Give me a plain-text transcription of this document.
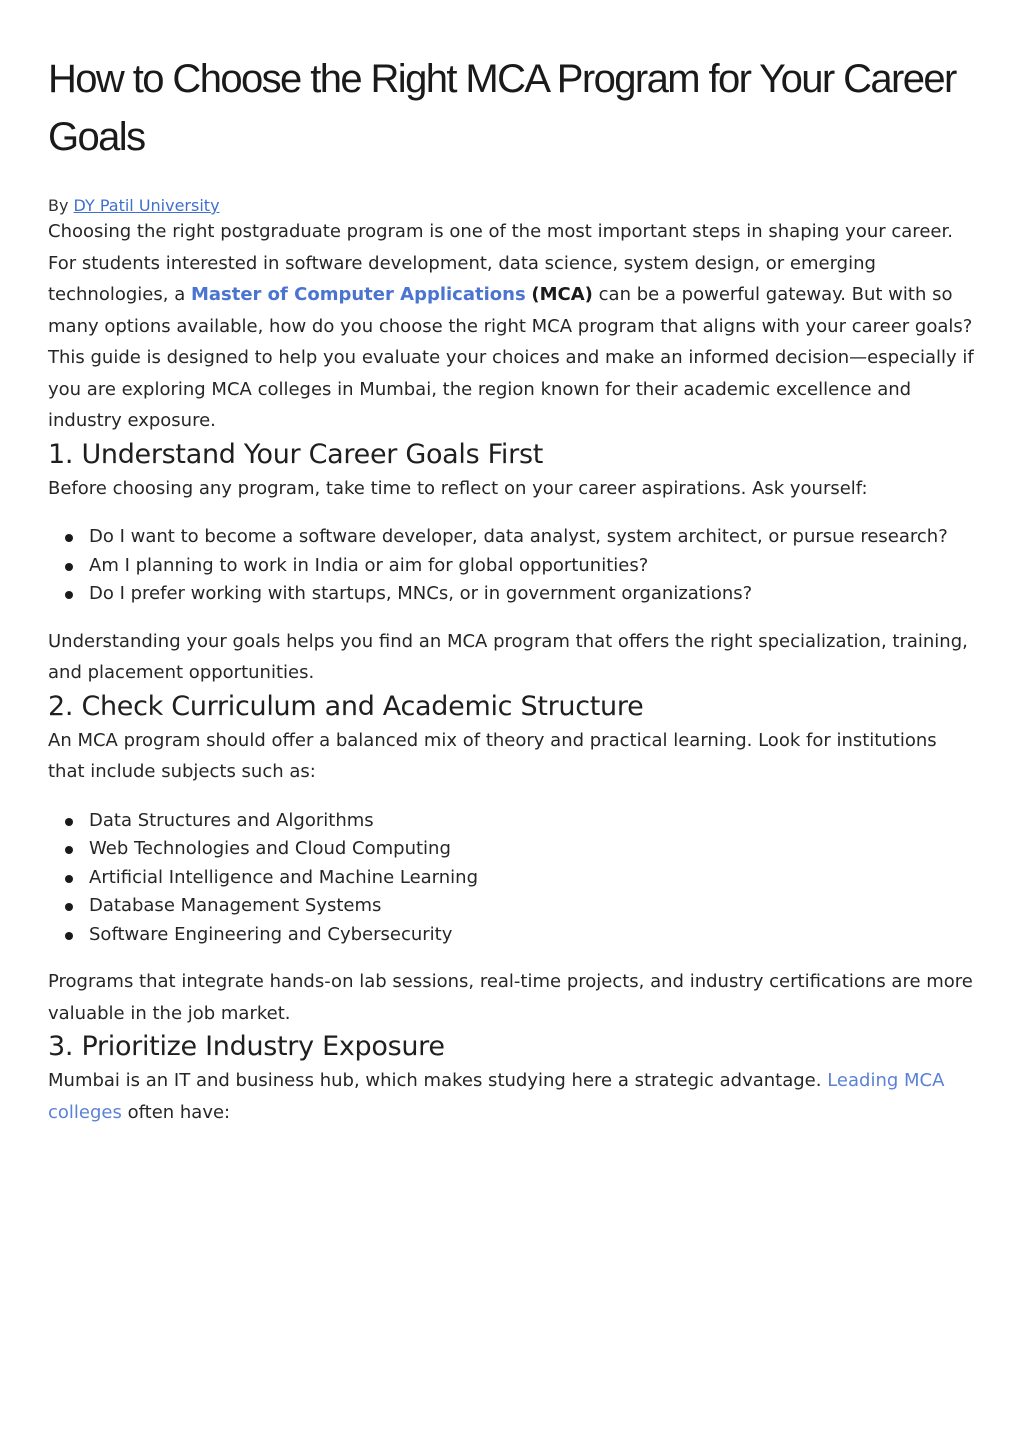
How to Choose the Right MCA Program for Your Career Goals
By DY Patil University

Choosing the right postgraduate program is one of the most important steps in shaping your career. For students interested in software development, data science, system design, or emerging technologies, a Master of Computer Applications (MCA) can be a powerful gateway. But with so many options available, how do you choose the right MCA program that aligns with your career goals?

This guide is designed to help you evaluate your choices and make an informed decision—especially if you are exploring MCA colleges in Mumbai, the region known for their academic excellence and industry exposure.

1. Understand Your Career Goals First

Before choosing any program, take time to reflect on your career aspirations. Ask yourself:

Do I want to become a software developer, data analyst, system architect, or pursue research?
Am I planning to work in India or aim for global opportunities?
Do I prefer working with startups, MNCs, or in government organizations?

Understanding your goals helps you find an MCA program that offers the right specialization, training, and placement opportunities.

2. Check Curriculum and Academic Structure

An MCA program should offer a balanced mix of theory and practical learning. Look for institutions that include subjects such as:

Data Structures and Algorithms
Web Technologies and Cloud Computing
Artificial Intelligence and Machine Learning
Database Management Systems
Software Engineering and Cybersecurity

Programs that integrate hands-on lab sessions, real-time projects, and industry certifications are more valuable in the job market.

3. Prioritize Industry Exposure

Mumbai is an IT and business hub, which makes studying here a strategic advantage. Leading MCA colleges often have:
